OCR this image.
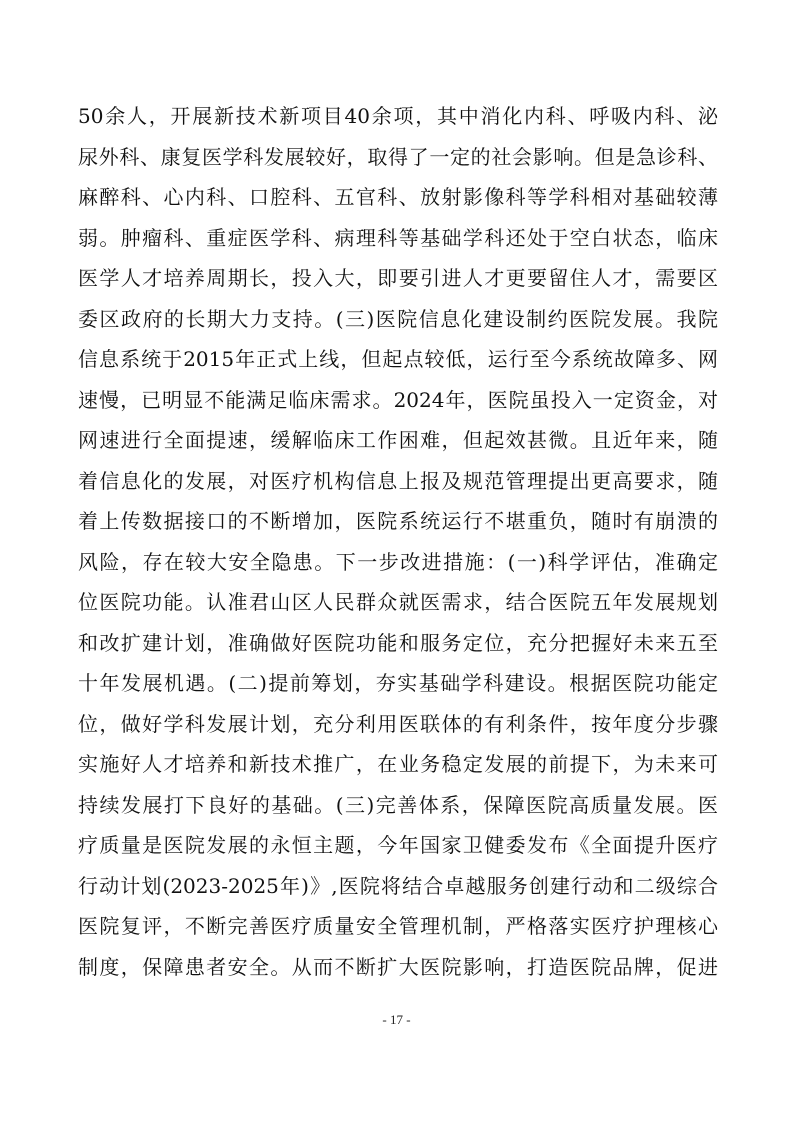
50余人，开展新技术新项目40余项，其中消化内科、呼吸内科、泌
尿外科、康复医学科发展较好，取得了一定的社会影响。但是急诊科、
麻醉科、心内科、口腔科、五官科、放射影像科等学科相对基础较薄
弱。肿瘤科、重症医学科、病理科等基础学科还处于空白状态，临床
医学人才培养周期长，投入大，即要引进人才更要留住人才，需要区
委区政府的长期大力支持。(三)医院信息化建设制约医院发展。我院
信息系统于2015年正式上线，但起点较低，运行至今系统故障多、网
速慢，已明显不能满足临床需求。2024年，医院虽投入一定资金，对
网速进行全面提速，缓解临床工作困难，但起效甚微。且近年来，随
着信息化的发展，对医疗机构信息上报及规范管理提出更高要求，随
着上传数据接口的不断增加，医院系统运行不堪重负，随时有崩溃的
风险，存在较大安全隐患。下一步改进措施：(一)科学评估，准确定
位医院功能。认准君山区人民群众就医需求，结合医院五年发展规划
和改扩建计划，准确做好医院功能和服务定位，充分把握好未来五至
十年发展机遇。(二)提前筹划，夯实基础学科建设。根据医院功能定
位，做好学科发展计划，充分利用医联体的有利条件，按年度分步骤
实施好人才培养和新技术推广，在业务稳定发展的前提下，为未来可
持续发展打下良好的基础。(三)完善体系，保障医院高质量发展。医
疗质量是医院发展的永恒主题，今年国家卫健委发布《全面提升医疗
行动计划(2023-2025年)》,医院将结合卓越服务创建行动和二级综合
医院复评，不断完善医疗质量安全管理机制，严格落实医疗护理核心
制度，保障患者安全。从而不断扩大医院影响，打造医院品牌，促进
- 17 -
